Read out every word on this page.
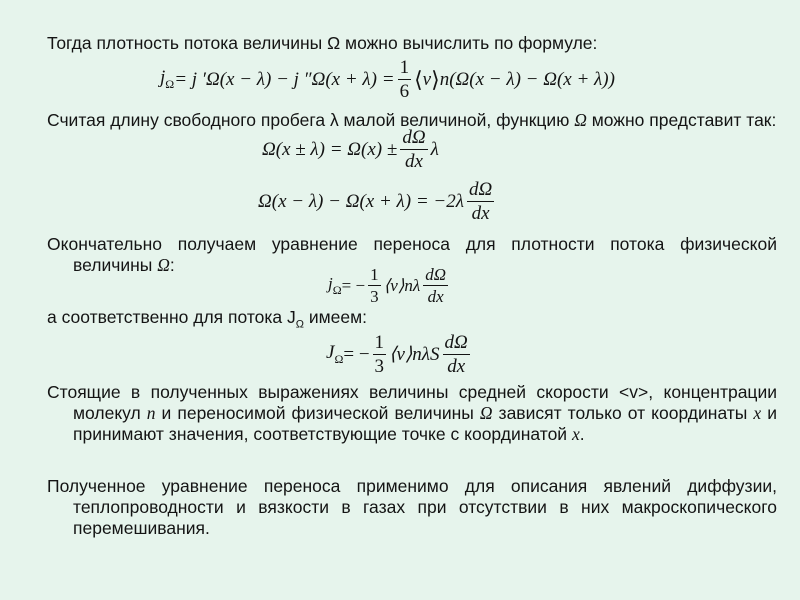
Тогда плотность потока величины Ω можно вычислить по формуле:

$j_\Omega = j$ ′Ω(x − λ) − j $''\Omega(x + \lambda) = \frac{1}{6}$ ⟨ v ⟩ n(Ω(x − λ) − Ω(x + λ))

Считая длину свободного пробега λ малой величиной, функцию Ω можно представит так:

$\Omega(x \pm \lambda) = \Omega(x) \pm \frac{d\Omega}{dx}$ λ
$\Omega(x - \lambda) - \Omega(x + \lambda) = -2\lambda \frac{d\Omega}{dx}$

Окончательно получаем уравнение переноса для плотности потока физической величины Ω:

$j_\Omega$ = − $\frac{1}{3}$ ⟨v⟩nλ $\frac{d\Omega}{dx}$

а соответственно для потока $J_\Omega$ имеем:

$J_\Omega$ = − $\frac{1}{3}$ ⟨v⟩nλS $\frac{d\Omega}{dx}$

Стоящие в полученных выражениях величины средней скорости <v>, концентрации молекул n и переносимой физической величины Ω зависят только от координаты x и принимают значения, соответствующие точке с координатой x.

Полученное уравнение переноса применимо для описания явлений диффузии, теплопроводности и вязкости в газах при отсутствии в них макроскопического перемешивания.
